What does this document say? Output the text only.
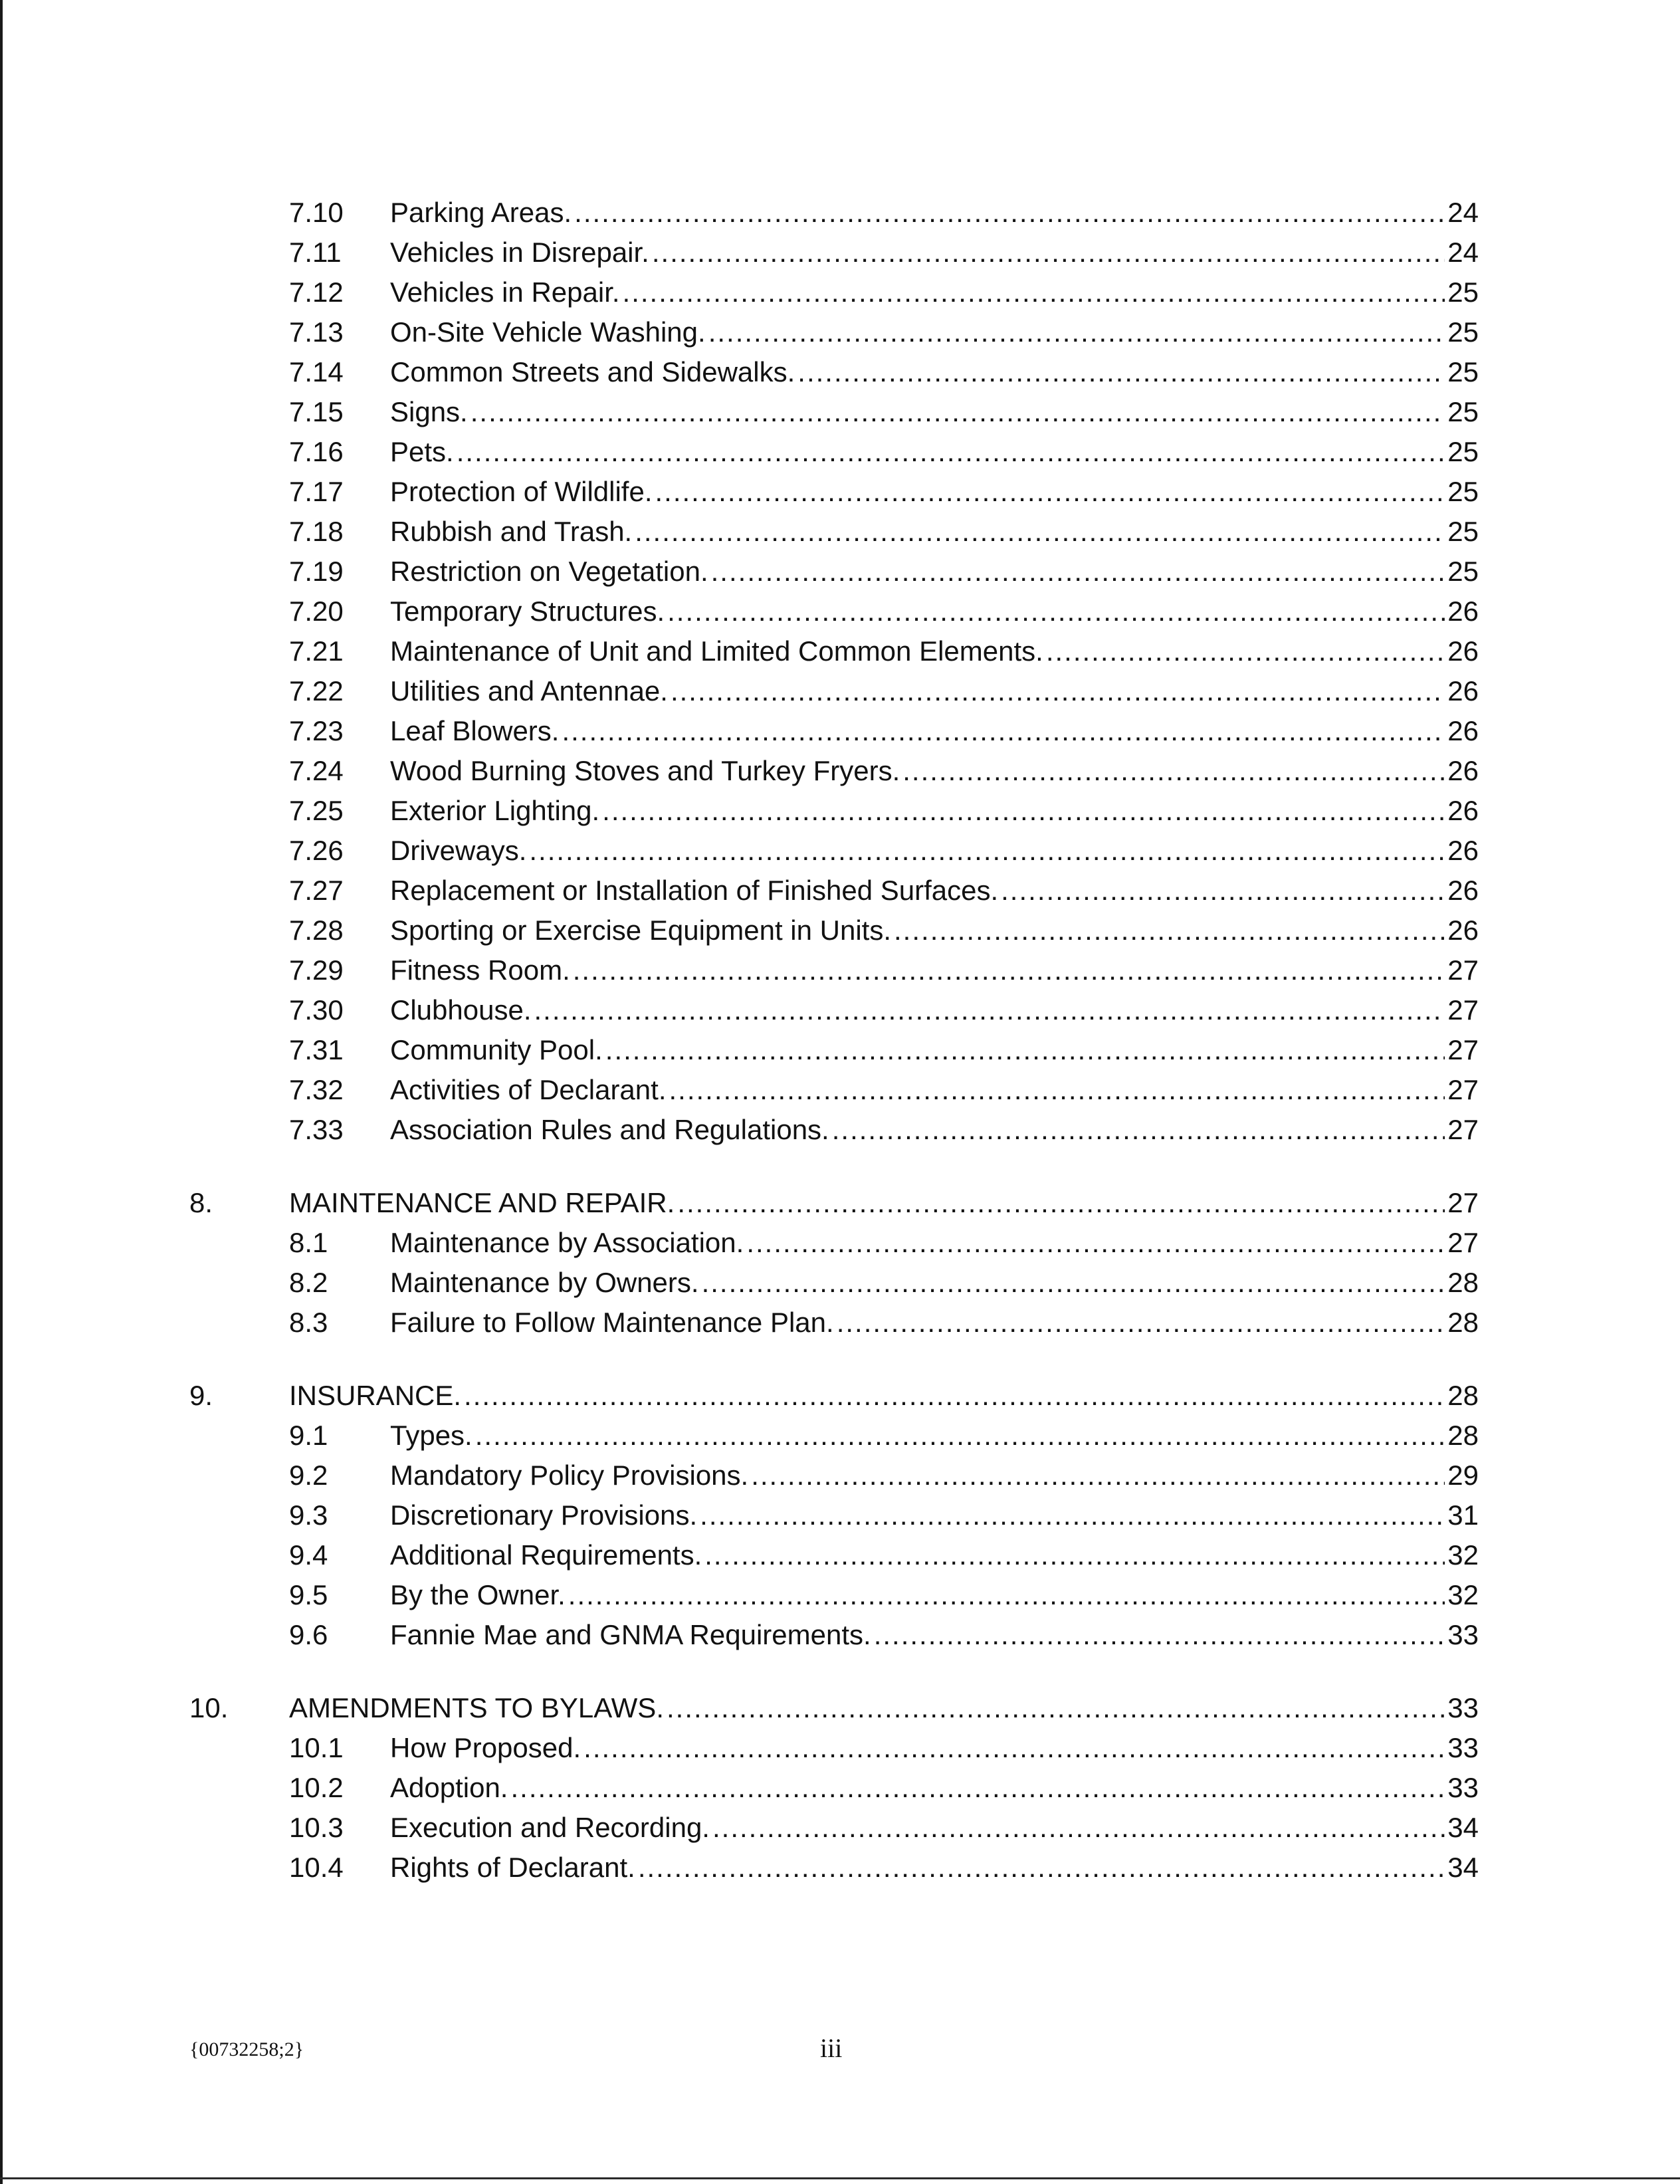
7.10	Parking Areas. .....	24
7.11	Vehicles in Disrepair. .....	24
7.12	Vehicles in Repair. .....	25
7.13	On-Site Vehicle Washing. .....	25
7.14	Common Streets and Sidewalks. .....	25
7.15	Signs. .....	25
7.16	Pets. .....	25
7.17	Protection of Wildlife. .....	25
7.18	Rubbish and Trash. .....	25
7.19	Restriction on Vegetation. .....	25
7.20	Temporary Structures. .....	26
7.21	Maintenance of Unit and Limited Common Elements. .....	26
7.22	Utilities and Antennae. .....	26
7.23	Leaf Blowers. .....	26
7.24	Wood Burning Stoves and Turkey Fryers. .....	26
7.25	Exterior Lighting. .....	26
7.26	Driveways. .....	26
7.27	Replacement or Installation of Finished Surfaces. .....	26
7.28	Sporting or Exercise Equipment in Units. .....	26
7.29	Fitness Room. .....	27
7.30	Clubhouse. .....	27
7.31	Community Pool. .....	27
7.32	Activities of Declarant. .....	27
7.33	Association Rules and Regulations. .....	27
8.	MAINTENANCE AND REPAIR. .....	27
8.1	Maintenance by Association. .....	27
8.2	Maintenance by Owners. .....	28
8.3	Failure to Follow Maintenance Plan. .....	28
9.	INSURANCE. .....	28
9.1	Types. .....	28
9.2	Mandatory Policy Provisions. .....	29
9.3	Discretionary Provisions. .....	31
9.4	Additional Requirements. .....	32
9.5	By the Owner. .....	32
9.6	Fannie Mae and GNMA Requirements. .....	33
10.	AMENDMENTS TO BYLAWS. .....	33
10.1	How Proposed. .....	33
10.2	Adoption. .....	33
10.3	Execution and Recording. .....	34
10.4	Rights of Declarant. .....	34
{00732258;2}	iii
